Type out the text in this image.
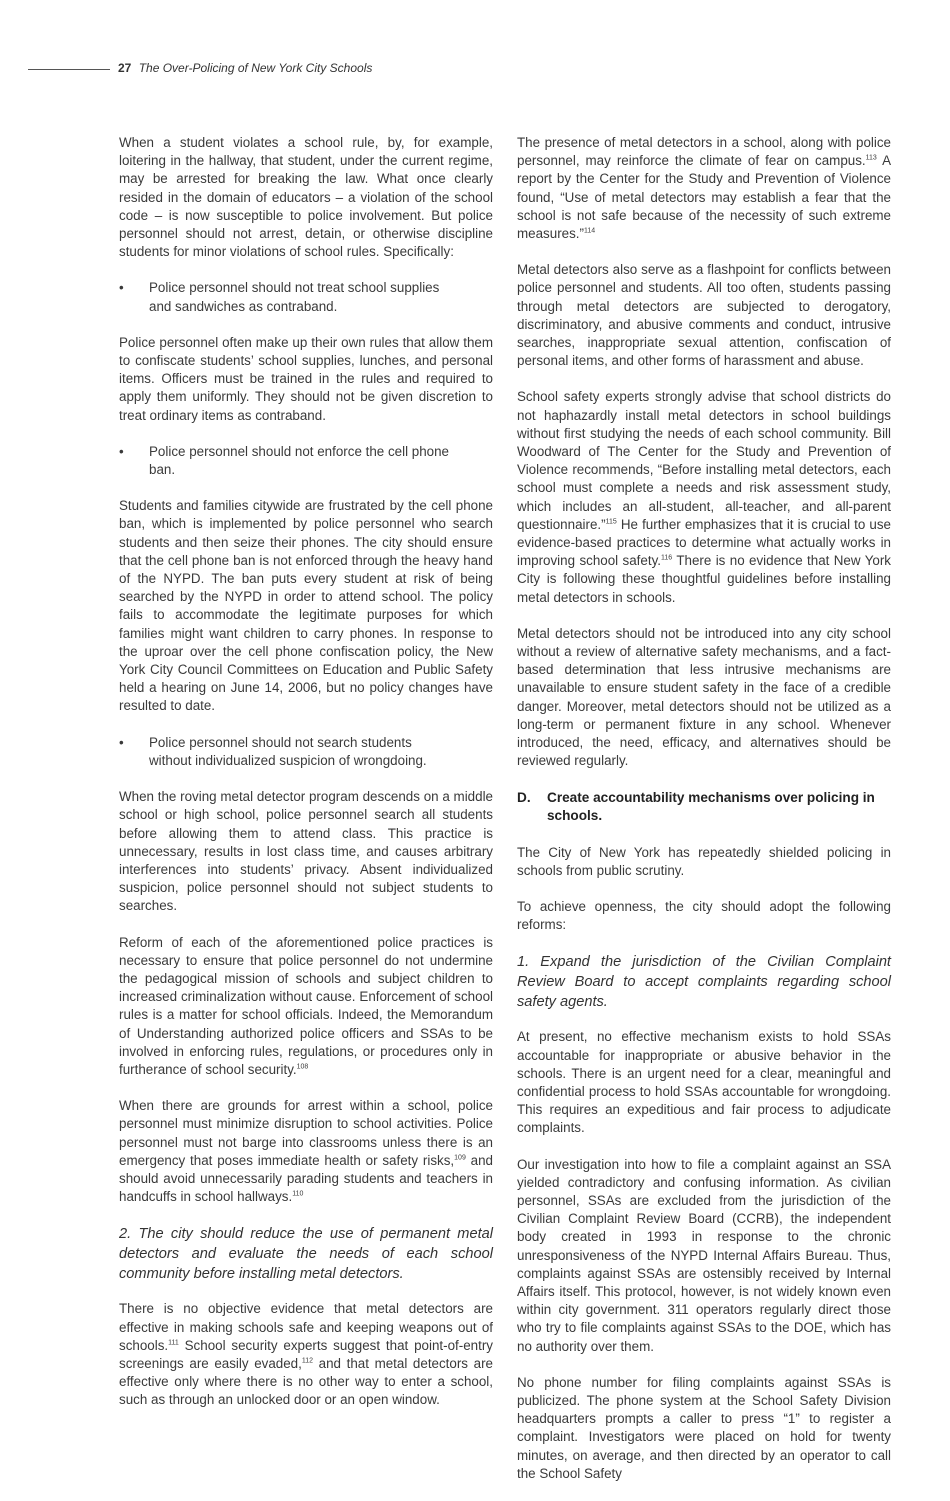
27 The Over-Policing of New York City Schools

When a student violates a school rule, by, for example, loitering in the hallway, that student, under the current regime, may be arrested for breaking the law. What once clearly resided in the domain of educators – a violation of the school code – is now susceptible to police involvement. But police personnel should not arrest, detain, or otherwise discipline students for minor violations of school rules. Specifically:

• Police personnel should not treat school supplies and sandwiches as contraband.

Police personnel often make up their own rules that allow them to confiscate students’ school supplies, lunches, and personal items. Officers must be trained in the rules and required to apply them uniformly. They should not be given discretion to treat ordinary items as contraband.

• Police personnel should not enforce the cell phone ban.

Students and families citywide are frustrated by the cell phone ban, which is implemented by police personnel who search students and then seize their phones. The city should ensure that the cell phone ban is not enforced through the heavy hand of the NYPD. The ban puts every student at risk of being searched by the NYPD in order to attend school. The policy fails to accommodate the legitimate purposes for which families might want children to carry phones. In response to the uproar over the cell phone confiscation policy, the New York City Council Committees on Education and Public Safety held a hearing on June 14, 2006, but no policy changes have resulted to date.

• Police personnel should not search students without individualized suspicion of wrongdoing.

When the roving metal detector program descends on a middle school or high school, police personnel search all students before allowing them to attend class. This practice is unnecessary, results in lost class time, and causes arbitrary interferences into students’ privacy. Absent individualized suspicion, police personnel should not subject students to searches.

Reform of each of the aforementioned police practices is necessary to ensure that police personnel do not undermine the pedagogical mission of schools and subject children to increased criminalization without cause. Enforcement of school rules is a matter for school officials. Indeed, the Memorandum of Understanding authorized police officers and SSAs to be involved in enforcing rules, regulations, or procedures only in furtherance of school security.$^{108}$

When there are grounds for arrest within a school, police personnel must minimize disruption to school activities. Police personnel must not barge into classrooms unless there is an emergency that poses immediate health or safety risks,$^{109}$ and should avoid unnecessarily parading students and teachers in handcuffs in school hallways.$^{110}$

2. The city should reduce the use of permanent metal detectors and evaluate the needs of each school community before installing metal detectors.

There is no objective evidence that metal detectors are effective in making schools safe and keeping weapons out of schools.$^{111}$ School security experts suggest that point-of-entry screenings are easily evaded,$^{112}$ and that metal detectors are effective only where there is no other way to enter a school, such as through an unlocked door or an open window.

The presence of metal detectors in a school, along with police personnel, may reinforce the climate of fear on campus.$^{113}$ A report by the Center for the Study and Prevention of Violence found, “Use of metal detectors may establish a fear that the school is not safe because of the necessity of such extreme measures.”$^{114}$

Metal detectors also serve as a flashpoint for conflicts between police personnel and students. All too often, students passing through metal detectors are subjected to derogatory, discriminatory, and abusive comments and conduct, intrusive searches, inappropriate sexual attention, confiscation of personal items, and other forms of harassment and abuse.

School safety experts strongly advise that school districts do not haphazardly install metal detectors in school buildings without first studying the needs of each school community. Bill Woodward of The Center for the Study and Prevention of Violence recommends, “Before installing metal detectors, each school must complete a needs and risk assessment study, which includes an all-student, all-teacher, and all-parent questionnaire.”$^{115}$ He further emphasizes that it is crucial to use evidence-based practices to determine what actually works in improving school safety.$^{116}$ There is no evidence that New York City is following these thoughtful guidelines before installing metal detectors in schools.

Metal detectors should not be introduced into any city school without a review of alternative safety mechanisms, and a fact-based determination that less intrusive mechanisms are unavailable to ensure student safety in the face of a credible danger. Moreover, metal detectors should not be utilized as a long-term or permanent fixture in any school. Whenever introduced, the need, efficacy, and alternatives should be reviewed regularly.

D.	Create accountability mechanisms over policing in schools.

The City of New York has repeatedly shielded policing in schools from public scrutiny.

To achieve openness, the city should adopt the following reforms:

1. Expand the jurisdiction of the Civilian Complaint Review Board to accept complaints regarding school safety agents.

At present, no effective mechanism exists to hold SSAs accountable for inappropriate or abusive behavior in the schools. There is an urgent need for a clear, meaningful and confidential process to hold SSAs accountable for wrongdoing. This requires an expeditious and fair process to adjudicate complaints.

Our investigation into how to file a complaint against an SSA yielded contradictory and confusing information. As civilian personnel, SSAs are excluded from the jurisdiction of the Civilian Complaint Review Board (CCRB), the independent body created in 1993 in response to the chronic unresponsiveness of the NYPD Internal Affairs Bureau. Thus, complaints against SSAs are ostensibly received by Internal Affairs itself. This protocol, however, is not widely known even within city government. 311 operators regularly direct those who try to file complaints against SSAs to the DOE, which has no authority over them.

No phone number for filing complaints against SSAs is publicized. The phone system at the School Safety Division headquarters prompts a caller to press “1” to register a complaint. Investigators were placed on hold for twenty minutes, on average, and then directed by an operator to call the School Safety
